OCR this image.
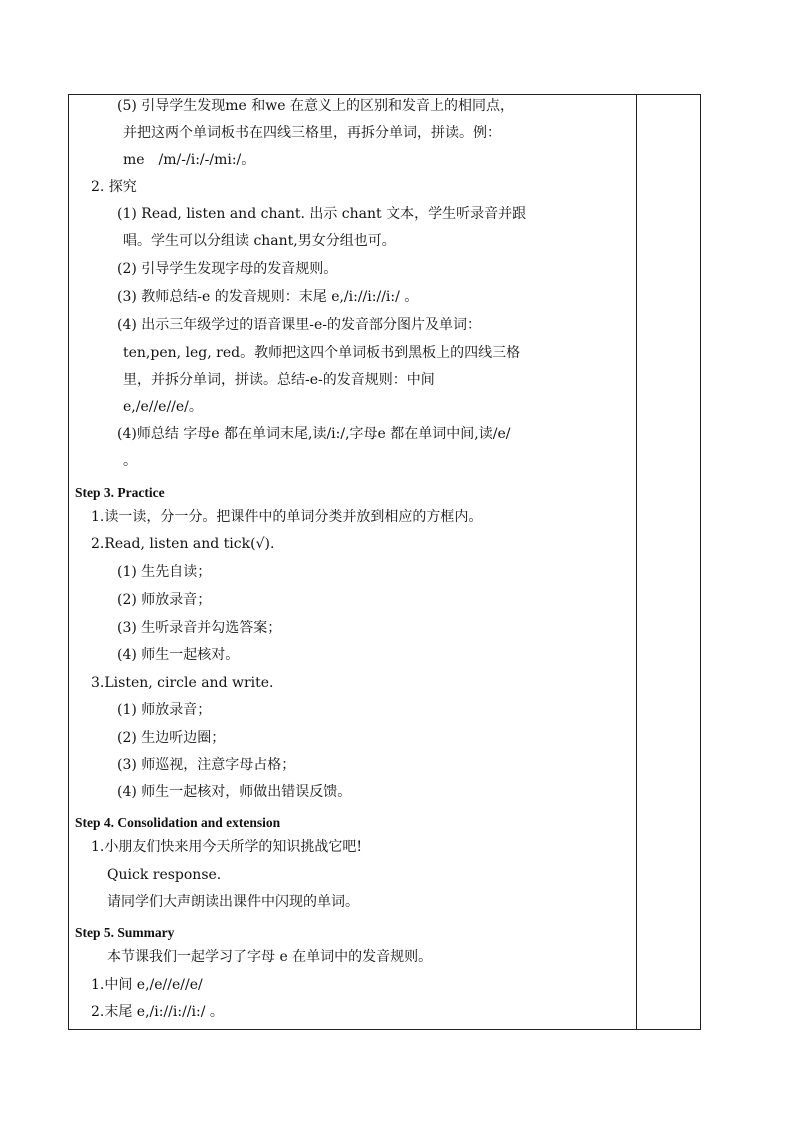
(5) 引导学生发现me 和we 在意义上的区别和发音上的相同点，
并把这两个单词板书在四线三格里，再拆分单词，拼读。例：
me　/m/-/i:/-/mi:/。
2. 探究
(1) Read, listen and chant. 出示 chant 文本，学生听录音并跟
唱。学生可以分组读 chant,男女分组也可。
(2) 引导学生发现字母的发音规则。
(3) 教师总结-e 的发音规则：末尾 e,/i://i://i:/ 。
(4) 出示三年级学过的语音课里-e-的发音部分图片及单词：
ten,pen, leg, red。教师把这四个单词板书到黑板上的四线三格
里，并拆分单词，拼读。总结-e-的发音规则：中间
e,/e//e//e/。
(4)师总结 字母e 都在单词末尾,读/i:/,字母e 都在单词中间,读/e/
。
Step 3. Practice
1.读一读，分一分。把课件中的单词分类并放到相应的方框内。
2.Read, listen and tick(√).
(1) 生先自读；
(2) 师放录音；
(3) 生听录音并勾选答案；
(4) 师生一起核对。
3.Listen, circle and write.
(1) 师放录音；
(2) 生边听边圈；
(3) 师巡视，注意字母占格；
(4) 师生一起核对，师做出错误反馈。
Step 4. Consolidation and extension
1.小朋友们快来用今天所学的知识挑战它吧!
Quick response.
请同学们大声朗读出课件中闪现的单词。
Step 5. Summary
本节课我们一起学习了字母 e 在单词中的发音规则。
1.中间 e,/e//e//e/
2.末尾 e,/i://i://i:/ 。
